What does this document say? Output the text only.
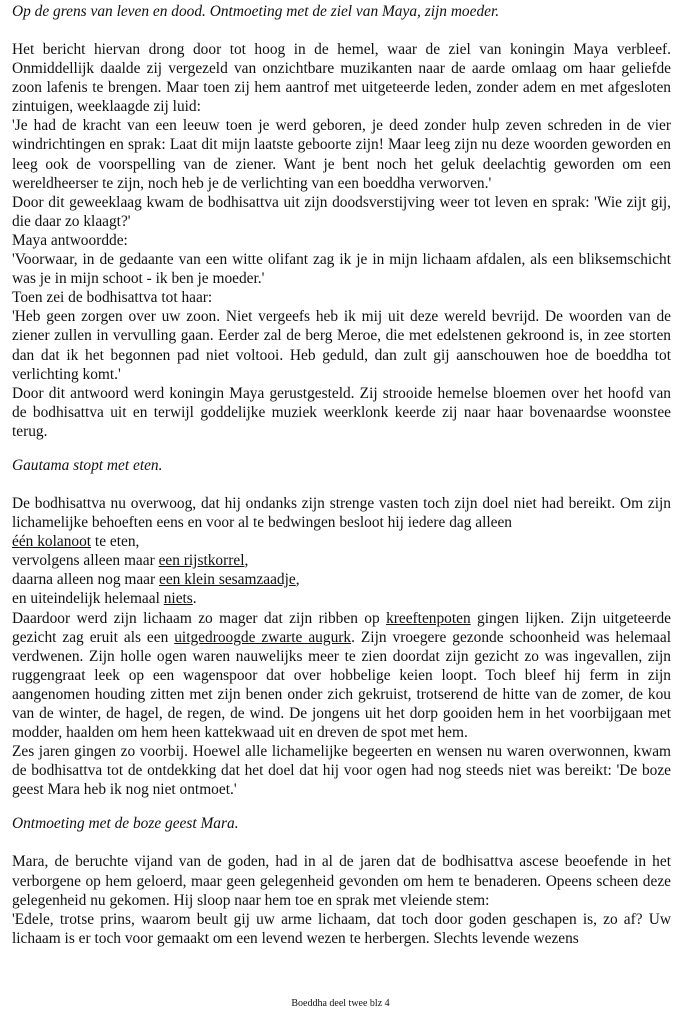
Op de grens van leven en dood. Ontmoeting met de ziel van Maya, zijn moeder.

Het bericht hiervan drong door tot hoog in de hemel, waar de ziel van koningin Maya verbleef. Onmiddellijk daalde zij vergezeld van onzichtbare muzikanten naar de aarde omlaag om haar geliefde zoon lafenis te brengen. Maar toen zij hem aantrof met uitgeteerde leden, zonder adem en met afgesloten zintuigen, weeklaagde zij luid:

'Je had de kracht van een leeuw toen je werd geboren, je deed zonder hulp zeven schreden in de vier windrichtingen en sprak: Laat dit mijn laatste geboorte zijn! Maar leeg zijn nu deze woorden geworden en leeg ook de voorspelling van de ziener. Want je bent noch het geluk deelachtig geworden om een wereldheerser te zijn, noch heb je de verlichting van een boeddha verworven.'

Door dit geweeklaag kwam de bodhisattva uit zijn doodsverstijving weer tot leven en sprak: 'Wie zijt gij, die daar zo klaagt?'

Maya antwoordde:

'Voorwaar, in de gedaante van een witte olifant zag ik je in mijn lichaam afdalen, als een bliksemschicht was je in mijn schoot - ik ben je moeder.'

Toen zei de bodhisattva tot haar:

'Heb geen zorgen over uw zoon. Niet vergeefs heb ik mij uit deze wereld bevrijd. De woorden van de ziener zullen in vervulling gaan. Eerder zal de berg Meroe, die met edelstenen gekroond is, in zee storten dan dat ik het begonnen pad niet voltooi. Heb geduld, dan zult gij aanschouwen hoe de boeddha tot verlichting komt.'

Door dit antwoord werd koningin Maya gerustgesteld. Zij strooide hemelse bloemen over het hoofd van de bodhisattva uit en terwijl goddelijke muziek weerklonk keerde zij naar haar bovenaardse woonstee terug.

Gautama stopt met eten.

De bodhisattva nu overwoog, dat hij ondanks zijn strenge vasten toch zijn doel niet had bereikt. Om zijn lichamelijke behoeften eens en voor al te bedwingen besloot hij iedere dag alleen

één kolanoot te eten,

vervolgens alleen maar een rijstkorrel,

daarna alleen nog maar een klein sesamzaadje,

en uiteindelijk helemaal niets.

Daardoor werd zijn lichaam zo mager dat zijn ribben op kreeftenpoten gingen lijken. Zijn uitgeteerde gezicht zag eruit als een uitgedroogde zwarte augurk. Zijn vroegere gezonde schoonheid was helemaal verdwenen. Zijn holle ogen waren nauwelijks meer te zien doordat zijn gezicht zo was ingevallen, zijn ruggengraat leek op een wagenspoor dat over hobbelige keien loopt. Toch bleef hij ferm in zijn aangenomen houding zitten met zijn benen onder zich gekruist, trotserend de hitte van de zomer, de kou van de winter, de hagel, de regen, de wind. De jongens uit het dorp gooiden hem in het voorbijgaan met modder, haalden om hem heen kattekwaad uit en dreven de spot met hem.

Zes jaren gingen zo voorbij. Hoewel alle lichamelijke begeerten en wensen nu waren overwonnen, kwam de bodhisattva tot de ontdekking dat het doel dat hij voor ogen had nog steeds niet was bereikt: 'De boze geest Mara heb ik nog niet ontmoet.'

Ontmoeting met de boze geest Mara.

Mara, de beruchte vijand van de goden, had in al de jaren dat de bodhisattva ascese beoefende in het verborgene op hem geloerd, maar geen gelegenheid gevonden om hem te benaderen. Opeens scheen deze gelegenheid nu gekomen. Hij sloop naar hem toe en sprak met vleiende stem:

'Edele, trotse prins, waarom beult gij uw arme lichaam, dat toch door goden geschapen is, zo af? Uw lichaam is er toch voor gemaakt om een levend wezen te herbergen. Slechts levende wezens

Boeddha deel twee blz 4
